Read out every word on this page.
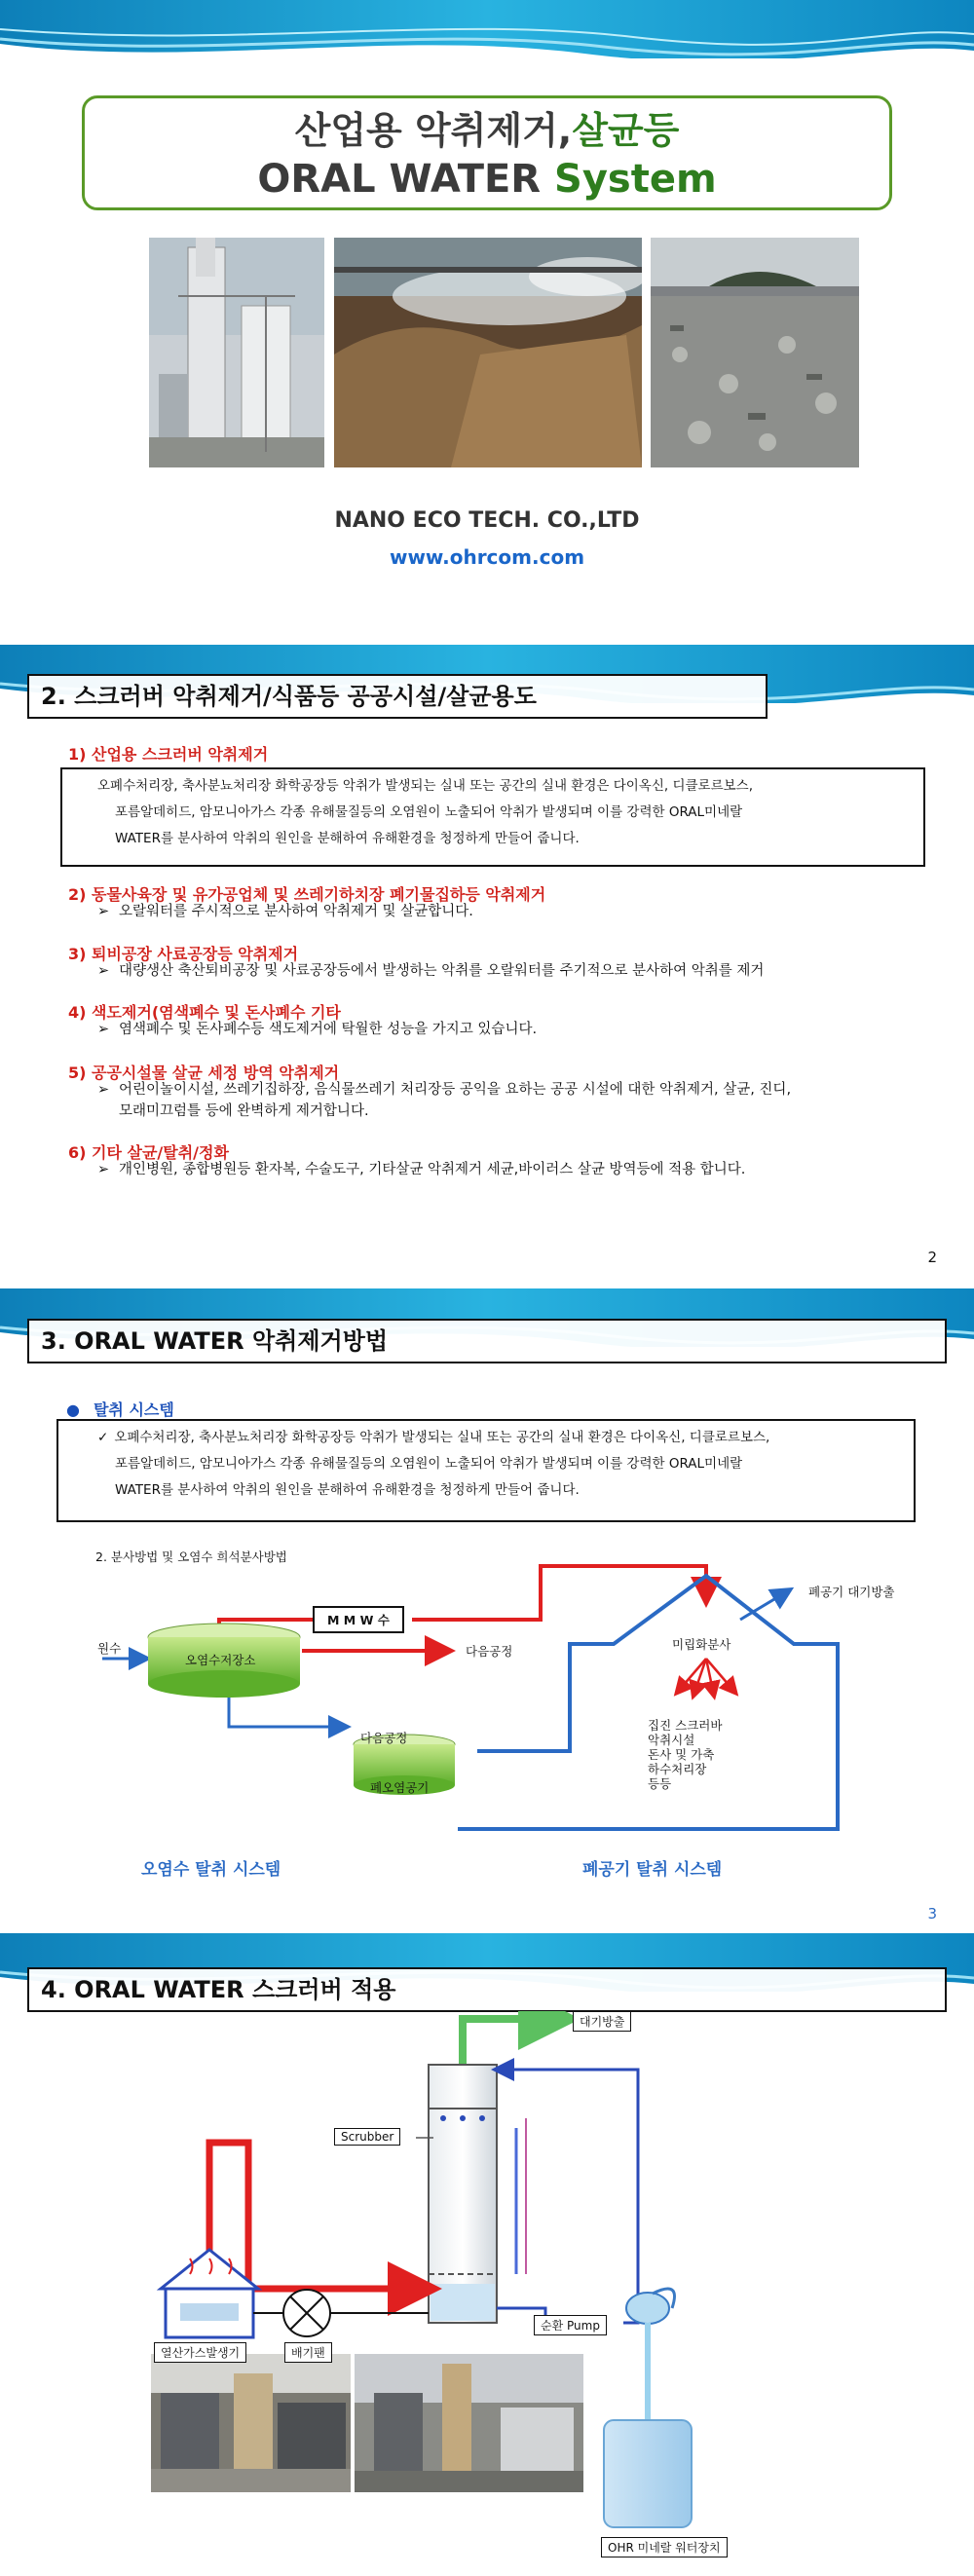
산업용 악취제거,살균등
ORAL WATER System
NANO ECO TECH. CO.,LTD
www.ohrcom.com
2. 스크러버 악취제거/식품등 공공시설/살균용도
1) 산업용 스크러버 악취제거
오폐수처리장, 축사분뇨처리장 화학공장등 악취가 발생되는 실내 또는 공간의 실내 환경은 다이옥신, 디클로르보스,
포름알데히드, 암모니아가스 각종 유해물질등의 오염원이 노출되어 악취가 발생되며 이를 강력한 ORAL미네랄
WATER를 분사하여 악취의 원인을 분해하여 유해환경을 청정하게 만들어 줍니다.
2) 동물사육장 및 유가공업체 및 쓰레기하치장 폐기물집하등 악취제거
➢ 오랄워터를 주시적으로 분사하여 악취제거 및 살균합니다.
3) 퇴비공장 사료공장등 악취제거
➢ 대량생산 축산퇴비공장 및 사료공장등에서 발생하는 악취를 오랄워터를 주기적으로 분사하여 악취를 제거
4) 색도제거(염색폐수 및 돈사폐수 기타
➢ 염색폐수 및 돈사폐수등 색도제거에 탁월한 성능을 가지고 있습니다.
5) 공공시설물 살균 세정 방역 악취제거
➢ 어린이놀이시설, 쓰레기집하장, 음식물쓰레기 처리장등 공익을 요하는 공공 시설에 대한 악취제거, 살균, 진디,
모래미끄럼틀 등에 완벽하게 제거합니다.
6) 기타 살균/탈취/정화
➢ 개인병원, 종합병원등 환자복, 수술도구, 기타살균 악취제거 세균,바이러스 살균 방역등에 적용 합니다.
2
3. ORAL WATER 악취제거방법
● 탈취 시스템
✓ 오폐수처리장, 축사분뇨처리장 화학공장등 악취가 발생되는 실내 또는 공간의 실내 환경은 다이옥신, 디클로르보스,
포름알데히드, 암모니아가스 각종 유해물질등의 오염원이 노출되어 악취가 발생되며 이를 강력한 ORAL미네랄
WATER를 분사하여 악취의 원인을 분해하여 유해환경을 청정하게 만들어 줍니다.
2. 분사방법 및 오염수 희석분사방법
M M W 수
원수
오염수저장소
다음공정
다음공정
폐오염공기
폐공기 대기방출
미립화분사
집진 스크러바
악취시설
돈사 및 가축
하수처리장
등등
오염수 탈취 시스템	폐공기 탈취 시스템
3
4. ORAL WATER 스크러버 적용
대기방출
Scrubber
순환 Pump
열산가스발생기	배기팬
OHR 미네랄 워터장치
